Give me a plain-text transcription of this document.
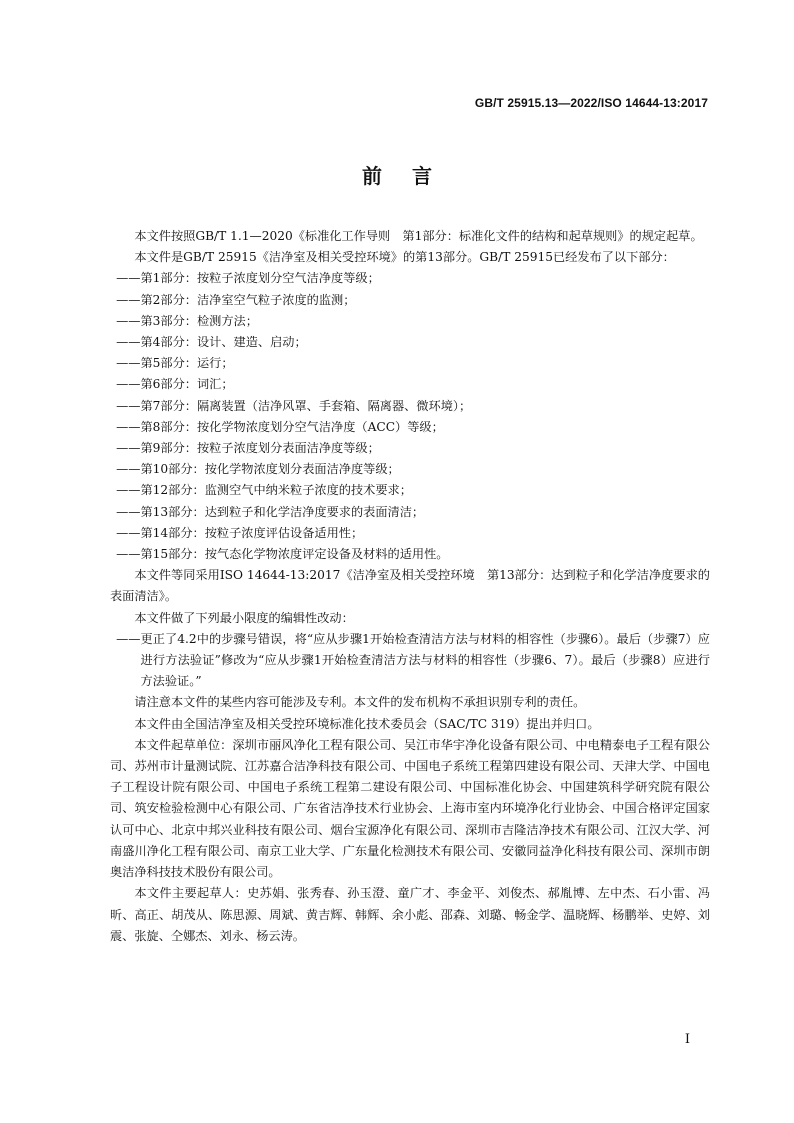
GB/T 25915.13—2022/ISO 14644-13:2017
前言

本文件按照GB/T 1.1—2020《标准化工作导则　第1部分：标准化文件的结构和起草规则》的规定起草。

本文件是GB/T 25915《洁净室及相关受控环境》的第13部分。GB/T 25915已经发布了以下部分：

——第1部分：按粒子浓度划分空气洁净度等级；

——第2部分：洁净室空气粒子浓度的监测；

——第3部分：检测方法；

——第4部分：设计、建造、启动；

——第5部分：运行；

——第6部分：词汇；

——第7部分：隔离装置（洁净风罩、手套箱、隔离器、微环境）；

——第8部分：按化学物浓度划分空气洁净度（ACC）等级；

——第9部分：按粒子浓度划分表面洁净度等级；

——第10部分：按化学物浓度划分表面洁净度等级；

——第12部分：监测空气中纳米粒子浓度的技术要求；

——第13部分：达到粒子和化学洁净度要求的表面清洁；

——第14部分：按粒子浓度评估设备适用性；

——第15部分：按气态化学物浓度评定设备及材料的适用性。

本文件等同采用ISO 14644-13:2017《洁净室及相关受控环境　第13部分：达到粒子和化学洁净度要求的表面清洁》。

本文件做了下列最小限度的编辑性改动：

——更正了4.2中的步骤号错误，将“应从步骤1开始检查清洁方法与材料的相容性（步骤6）。最后（步骤7）应进行方法验证”修改为“应从步骤1开始检查清洁方法与材料的相容性（步骤6、7）。最后（步骤8）应进行方法验证。”

请注意本文件的某些内容可能涉及专利。本文件的发布机构不承担识别专利的责任。

本文件由全国洁净室及相关受控环境标准化技术委员会（SAC/TC 319）提出并归口。

本文件起草单位：深圳市丽风净化工程有限公司、吴江市华宇净化设备有限公司、中电精泰电子工程有限公司、苏州市计量测试院、江苏嘉合洁净科技有限公司、中国电子系统工程第四建设有限公司、天津大学、中国电子工程设计院有限公司、中国电子系统工程第二建设有限公司、中国标准化协会、中国建筑科学研究院有限公司、筑安检验检测中心有限公司、广东省洁净技术行业协会、上海市室内环境净化行业协会、中国合格评定国家认可中心、北京中邦兴业科技有限公司、烟台宝源净化有限公司、深圳市吉隆洁净技术有限公司、江汉大学、河南盛川净化工程有限公司、南京工业大学、广东量化检测技术有限公司、安徽同益净化科技有限公司、深圳市朗奥洁净科技技术股份有限公司。

本文件主要起草人：史苏娟、张秀春、孙玉澄、童广才、李金平、刘俊杰、郝胤博、左中杰、石小雷、冯昕、高正、胡茂从、陈思源、周斌、黄吉辉、韩辉、余小彪、邵森、刘璐、畅金学、温晓辉、杨鹏举、史婷、刘震、张旋、仝娜杰、刘永、杨云涛。

I
